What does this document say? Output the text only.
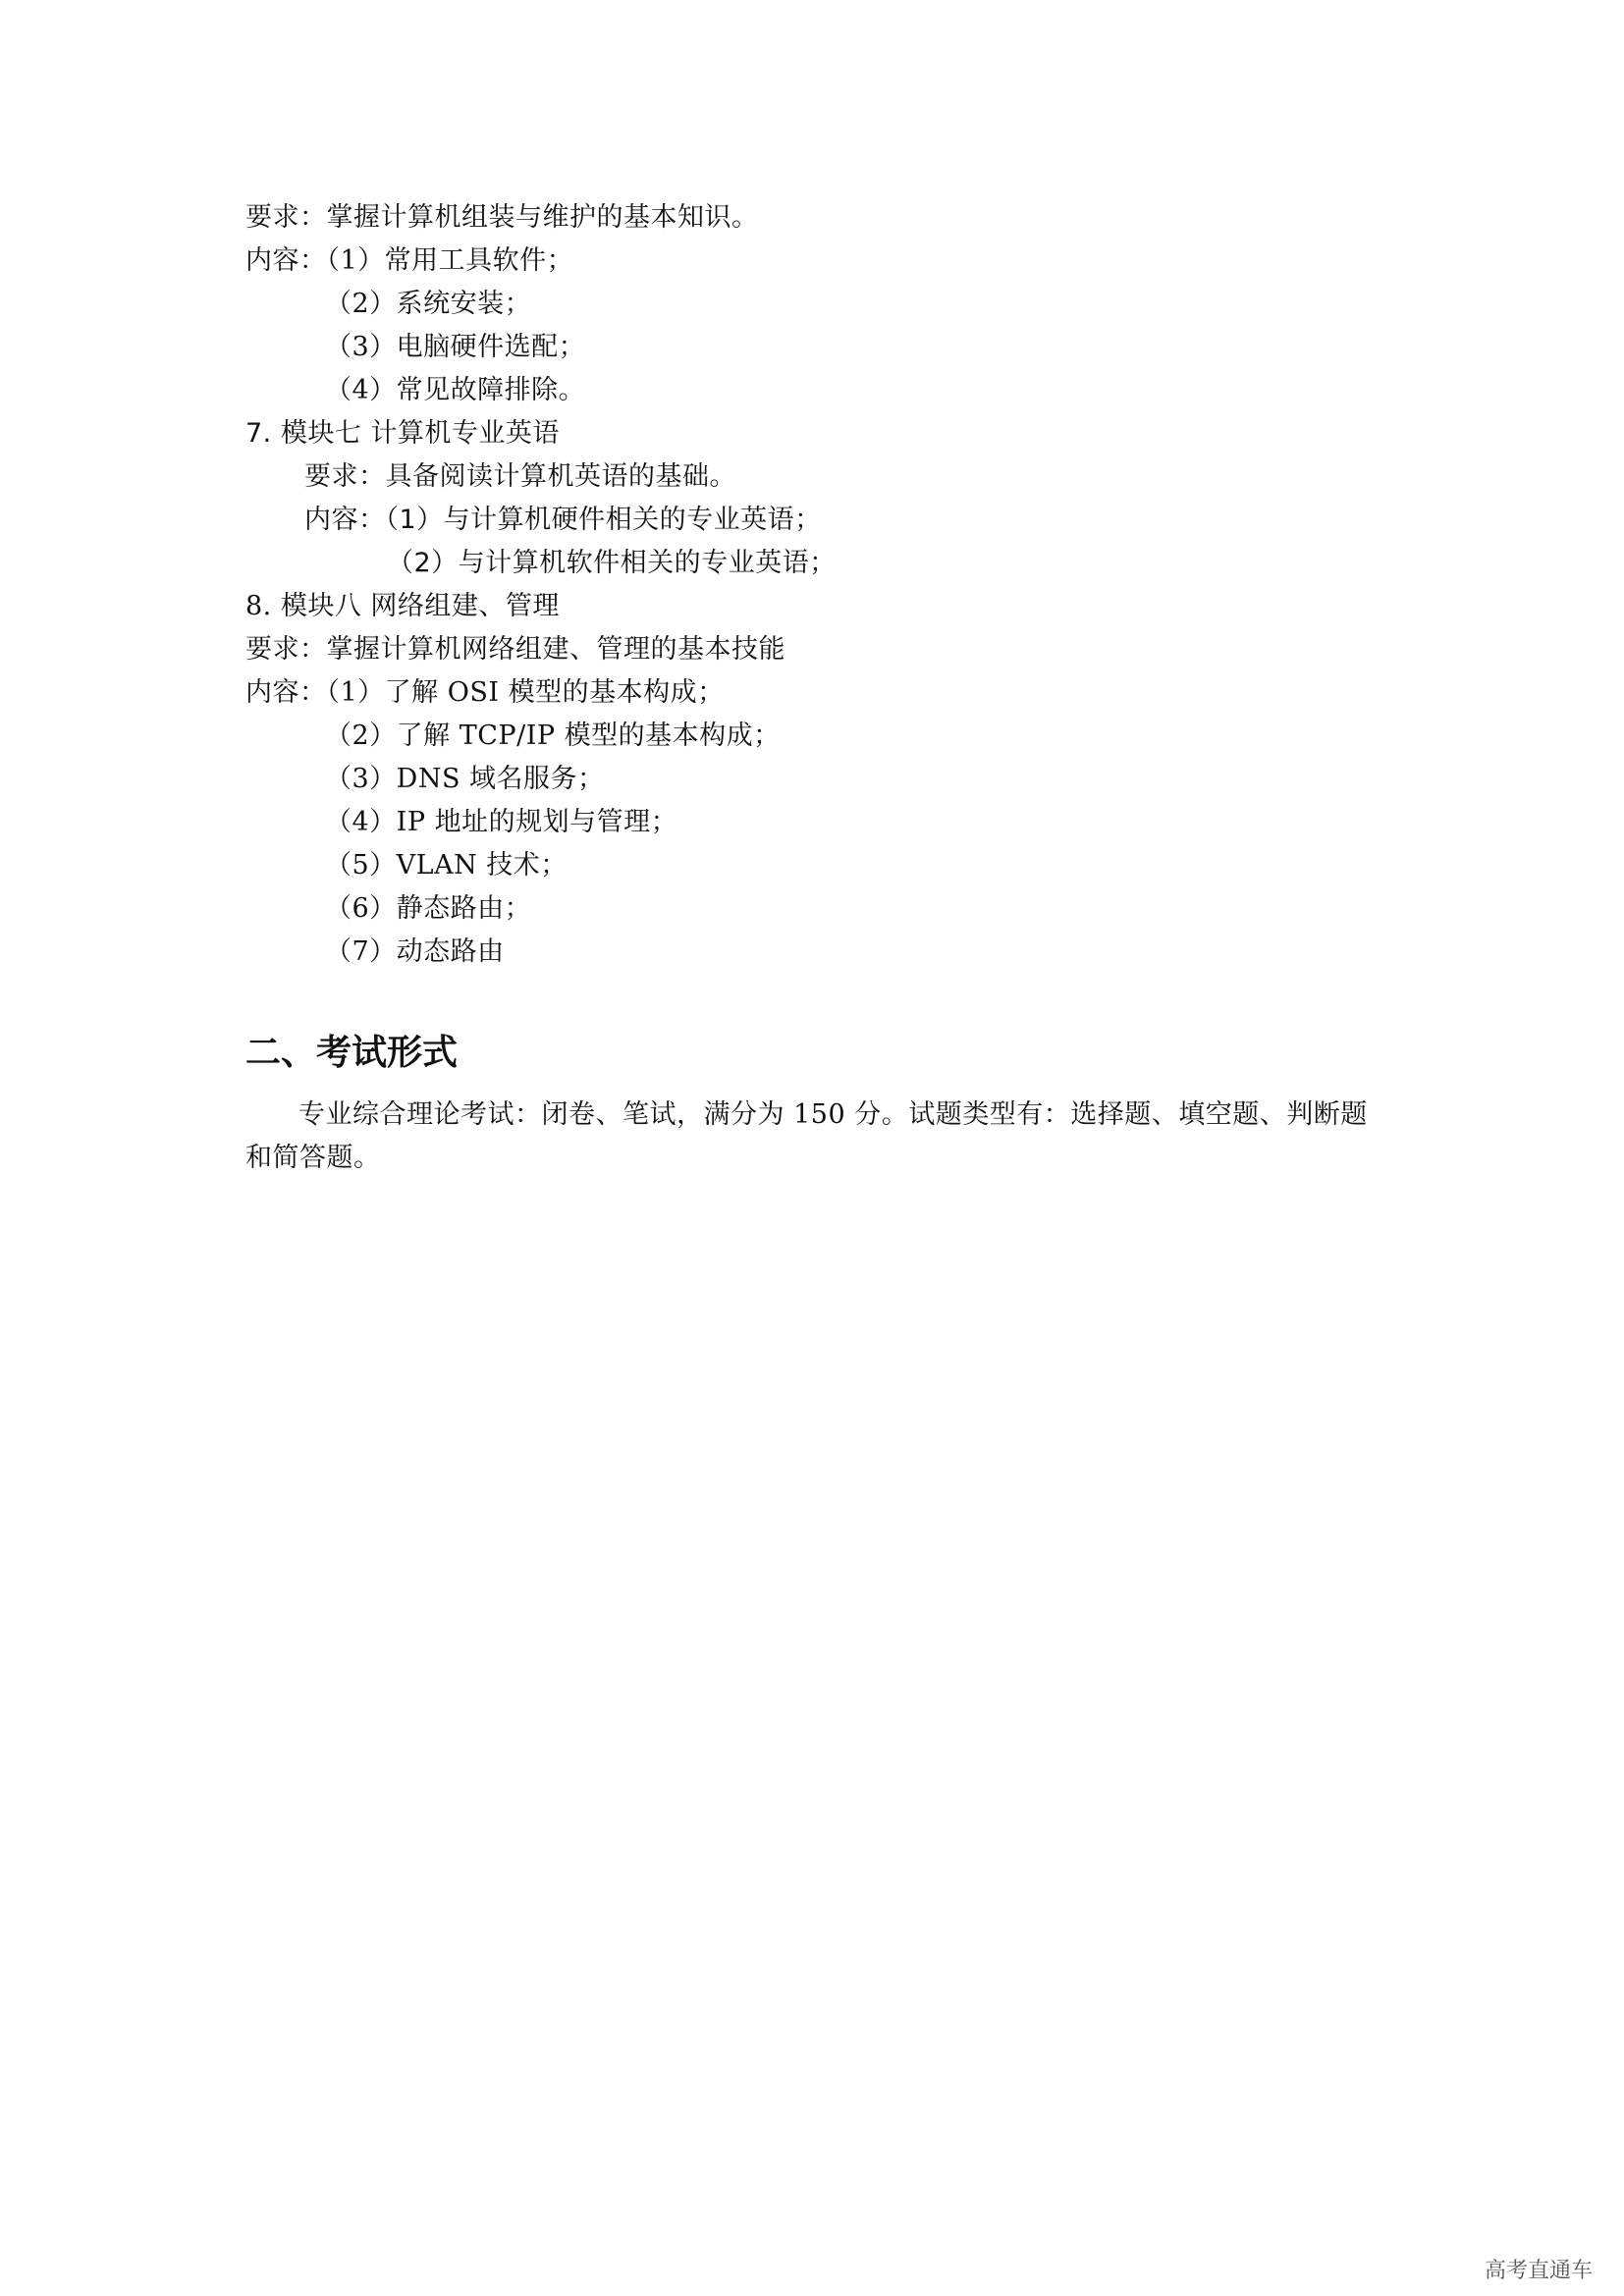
要求：掌握计算机组装与维护的基本知识。
内容：（1）常用工具软件；
（2）系统安装；
（3）电脑硬件选配；
（4）常见故障排除。
7. 模块七 计算机专业英语
要求：具备阅读计算机英语的基础。
内容：（1）与计算机硬件相关的专业英语；
（2）与计算机软件相关的专业英语；
8. 模块八 网络组建、管理
要求：掌握计算机网络组建、管理的基本技能
内容：（1）了解 OSI 模型的基本构成；
（2）了解 TCP/IP 模型的基本构成；
（3）DNS 域名服务；
（4）IP 地址的规划与管理；
（5）VLAN 技术；
（6）静态路由；
（7）动态路由
二、考试形式
专业综合理论考试：闭卷、笔试，满分为 150 分。试题类型有：选择题、填空题、判断题和简答题。
高考直通车
